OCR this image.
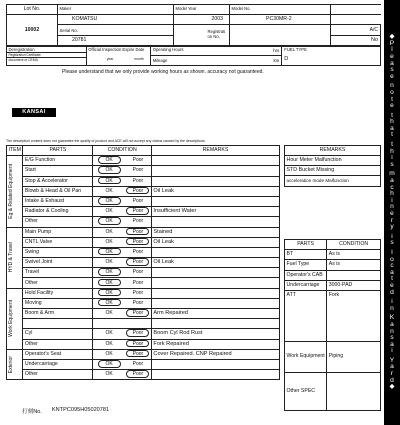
Lot No.	Maker	Model Year	Model No.	
10002	KOMATSU	2003	PC30MR-2	

	Serial No.	Registrati on No.		A/C

	20781			No
Deregistration
Registration Certificate
document of CEMA

Official Inspection Expire Date
year	month

Operating Hours	hrs
Mileage	km

FUEL TYPE
D
Please understand that we only provide working hours as shown. accuracy not guaranteed.
KANSAI
The description content does not guarantee the quality of product and ACE will not accept any claims caused by the descriptions.
ITEM	PARTS	CONDITION		REMARKS

Eg & Related Equipment	E/G Function	OK	Poor	
	Start	OK	Poor	
	Stop & Accelerator	OK	Poor	
	Blowb & Head & Oil Pan	OK	Poor	Oil Leak
	Intake & Exhaust	OK	Poor	
	Radiator & Cooling	OK	Poor	Insufficient Water
	Other	OK	Poor	

HYD & Travel	Main Pump	OK	Poor	Stained
	CNTL Valve	OK	Poor	Oil Leak
	Swing	OK	Poor	
	Swivel Joint	OK	Poor	Oil Leak
	Travel	OK	Poor	
	Other	OK	Poor	

Work Equipment	Hold Facility	OK	Poor	
	Moving	OK	Poor	
	Boom & Arm	OK	Poor	Arm Repaired

	Cyl	OK	Poor	Boom Cyl Rod Rust
	Other	OK	Poor	Fork Repaired

Exterior	Operator's Seat	OK	Poor	Cover Repaired. CNP Repaired
	Undercarriage	OK	Poor	
	Other	OK	Poor	
REMARKS
Hour Meter Malfunction
STD Bucket Missing
acceleration mode Malfunction
PARTS	CONDITION
BT	As is
Fuel Type	As is
Operator's CAB	
Undercarriage	3000-PAD
ATT	Fork
Work Equipment	Piping
Other SPEC	
打刻No. KNTPC095H05020781
◆
P
l
e
a
s
e
n
o
t
e
t
h
a
t
t
h
i
s
m
a
c
h
i
n
e
r
y
i
s
l
o
c
a
t
e
d
i
n
K
a
n
s
a
i
Y
a
r
d
◆
